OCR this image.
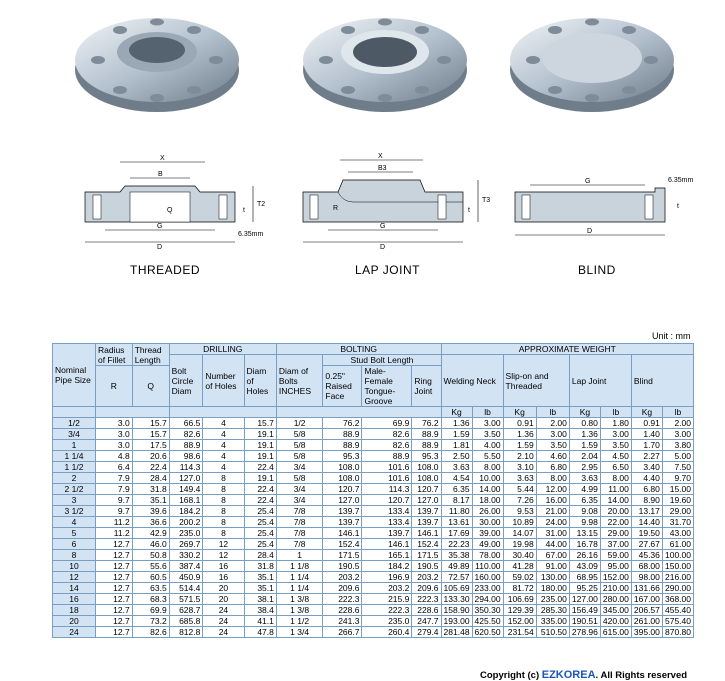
X
B
Q
G
D
T2
t
6.35mm
THREADED
X
B3
R
G
D
T3
t
LAP JOINT
G
D
6.35mm
t
BLIND
Unit : mm
Nominal Pipe Size	Radius of Fillet	Thread Length	DRILLING			BOLTING				APPROXIMATE WEIGHT							
			Bolt Circle Diam	Number of Holes	Diam of Holes	Diam of Bolts INCHES	Stud Bolt Length			Welding Neck		Slip-on and Threaded		Lap Joint		Blind	
	R	Q					0.25" Raised Face	Male-Female Tongue-Groove	Ring Joint								
										Kg	lb	Kg	lb	Kg	lb	Kg	lb
1/2	3.0	15.7	66.5	4	15.7	1/2	76.2	69.9	76.2	1.36	3.00	0.91	2.00	0.80	1.80	0.91	2.00
3/4	3.0	15.7	82.6	4	19.1	5/8	88.9	82.6	88.9	1.59	3.50	1.36	3.00	1.36	3.00	1.40	3.00
1	3.0	17.5	88.9	4	19.1	5/8	88.9	82.6	88.9	1.81	4.00	1.59	3.50	1.59	3.50	1.70	3.80
1 1/4	4.8	20.6	98.6	4	19.1	5/8	95.3	88.9	95.3	2.50	5.50	2.10	4.60	2.04	4.50	2.27	5.00
1 1/2	6.4	22.4	114.3	4	22.4	3/4	108.0	101.6	108.0	3.63	8.00	3.10	6.80	2.95	6.50	3.40	7.50
2	7.9	28.4	127.0	8	19.1	5/8	108.0	101.6	108.0	4.54	10.00	3.63	8.00	3.63	8.00	4.40	9.70
2 1/2	7.9	31.8	149.4	8	22.4	3/4	120.7	114.3	120.7	6.35	14.00	5.44	12.00	4.99	11.00	6.80	15.00
3	9.7	35.1	168.1	8	22.4	3/4	127.0	120.7	127.0	8.17	18.00	7.26	16.00	6.35	14.00	8.90	19.60
3 1/2	9.7	39.6	184.2	8	25.4	7/8	139.7	133.4	139.7	11.80	26.00	9.53	21.00	9.08	20.00	13.17	29.00
4	11.2	36.6	200.2	8	25.4	7/8	139.7	133.4	139.7	13.61	30.00	10.89	24.00	9.98	22.00	14.40	31.70
5	11.2	42.9	235.0	8	25.4	7/8	146.1	139.7	146.1	17.69	39.00	14.07	31.00	13.15	29.00	19.50	43.00
6	12.7	46.0	269.7	12	25.4	7/8	152.4	146.1	152.4	22.23	49.00	19.98	44.00	16.78	37.00	27.67	61.00
8	12.7	50.8	330.2	12	28.4	1	171.5	165.1	171.5	35.38	78.00	30.40	67.00	26.16	59.00	45.36	100.00
10	12.7	55.6	387.4	16	31.8	1 1/8	190.5	184.2	190.5	49.89	110.00	41.28	91.00	43.09	95.00	68.00	150.00
12	12.7	60.5	450.9	16	35.1	1 1/4	203.2	196.9	203.2	72.57	160.00	59.02	130.00	68.95	152.00	98.00	216.00
14	12.7	63.5	514.4	20	35.1	1 1/4	209.6	203.2	209.6	105.69	233.00	81.72	180.00	95.25	210.00	131.66	290.00
16	12.7	68.3	571.5	20	38.1	1 3/8	222.3	215.9	222.3	133.30	294.00	106.69	235.00	127.00	280.00	167.00	368.00
18	12.7	69.9	628.7	24	38.4	1 3/8	228.6	222.3	228.6	158.90	350.30	129.39	285.30	156.49	345.00	206.57	455.40
20	12.7	73.2	685.8	24	41.1	1 1/2	241.3	235.0	247.7	193.00	425.50	152.00	335.00	190.51	420.00	261.00	575.40
24	12.7	82.6	812.8	24	47.8	1 3/4	266.7	260.4	279.4	281.48	620.50	231.54	510.50	278.96	615.00	395.00	870.80
Copyright (c) EZKOREA. All Rights reserved
